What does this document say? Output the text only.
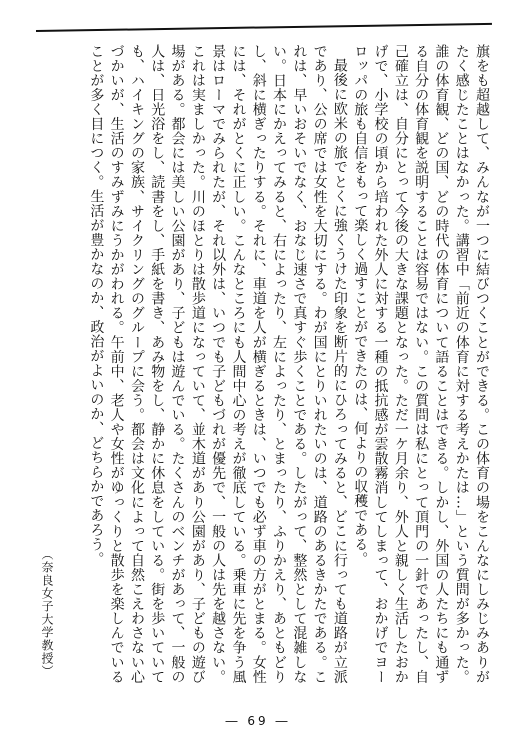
旗をも超越して、みんなが一つに結びつくことができる。この体育の場をこんなにしみじみありがたく感じたことはなかった。講習中「前近の体育に対する考えかたは…」という質問が多かった。誰の体育観、どの国、どの時代の体育について語ることはできる。しかし、外国の人たちにも通ずる自分の体育観を説明することは容易ではない。この質問は私にとって頂門の一針であったし、自己確立は、自分にとって今後の大きな課題となった。ただ一ケ月余り、外人と親しく生活したおかげで、小学校の頃から培われた外人に対する一種の抵抗感が雲散霧消してしまって、おかげでヨーロッパの旅も自信をもって楽しく過すことができたのは、何よりの収穫である。

最後に欧米の旅でとくに強くうけた印象を断片的にひろってみると、どこに行っても道路が立派であり、公の席では女性を大切にする。わが国にとりいれたいのは、道路のあるきかたである。これは、早いおそいでなく、おなじ速さで真すぐ歩くことである。したがって、整然として混雑しない。日本にかえってみると、右によったり、左によったり、とまったり、ふりかえり、あともどりし、斜に横ぎったりする。それに、車道を人が横ぎるときは、いつでも必ず車の方がとまる。女性には、それがとくに正しい。こんなところにも人間中心の考えが徹底している。乗車に先を争う風景はローマでみられたが、それ以外は、いつでも子どもづれが優先で、一般の人は先を越さない。これは実ましかった。川のほとりは散歩道になっていて、並木道があり公園があり、子どもの遊び場がある。都会には美しい公園があり、子どもは遊んでいる。たくさんのベンチがあって、一般の人は、日光浴をし、読書をし、手紙を書き、あみ物をし、静かに休息をしている。街を歩いていても、ハイキングの家族、サイクリングのグループに会う。都会は文化によって自然こえわさない心づかいが、生活のすみずみにうかがわれる。午前中、老人や女性がゆっくりと散歩を楽しんでいることが多く目につく。生活が豊かなのか、政治がよいのか、どちらかであろう。

（奈良女子大学教授）
― 69 ―
